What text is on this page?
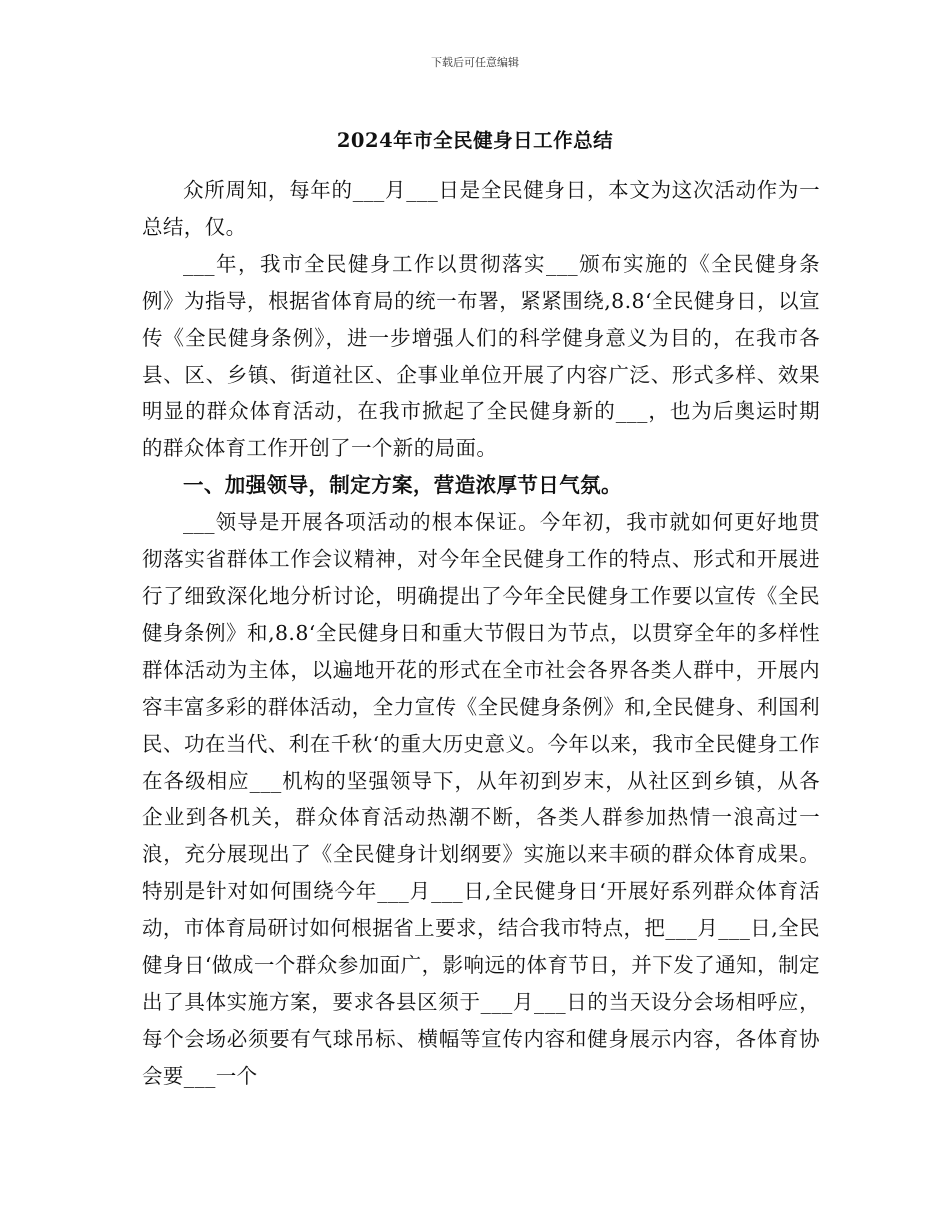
下载后可任意编辑
2024年市全民健身日工作总结

众所周知，每年的___月___日是全民健身日，本文为这次活动作为一总结，仅。

___年，我市全民健身工作以贯彻落实___颁布实施的《全民健身条例》为指导，根据省体育局的统一布署，紧紧围绕,8.8‘全民健身日，以宣传《全民健身条例》，进一步增强人们的科学健身意义为目的，在我市各县、区、乡镇、街道社区、企事业单位开展了内容广泛、形式多样、效果明显的群众体育活动，在我市掀起了全民健身新的___，也为后奥运时期的群众体育工作开创了一个新的局面。

一、加强领导，制定方案，营造浓厚节日气氛。

___领导是开展各项活动的根本保证。今年初，我市就如何更好地贯彻落实省群体工作会议精神，对今年全民健身工作的特点、形式和开展进行了细致深化地分析讨论，明确提出了今年全民健身工作要以宣传《全民健身条例》和,8.8‘全民健身日和重大节假日为节点，以贯穿全年的多样性群体活动为主体，以遍地开花的形式在全市社会各界各类人群中，开展内容丰富多彩的群体活动，全力宣传《全民健身条例》和,全民健身、利国利民、功在当代、利在千秋‘的重大历史意义。今年以来，我市全民健身工作在各级相应___机构的坚强领导下，从年初到岁末，从社区到乡镇，从各企业到各机关，群众体育活动热潮不断，各类人群参加热情一浪高过一浪，充分展现出了《全民健身计划纲要》实施以来丰硕的群众体育成果。特别是针对如何围绕今年___月___日,全民健身日‘开展好系列群众体育活动，市体育局研讨如何根据省上要求，结合我市特点，把___月___日,全民健身日‘做成一个群众参加面广，影响远的体育节日，并下发了通知，制定出了具体实施方案，要求各县区须于___月___日的当天设分会场相呼应，每个会场必须要有气球吊标、横幅等宣传内容和健身展示内容，各体育协会要___一个
